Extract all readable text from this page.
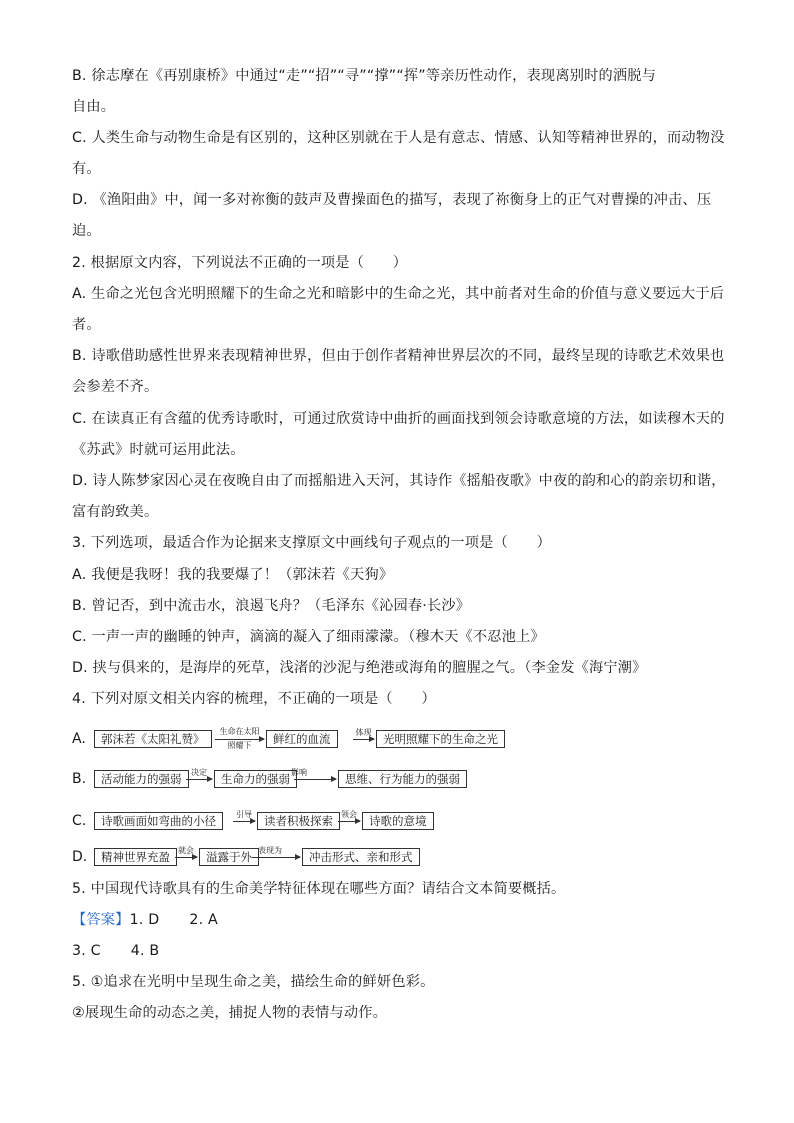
B. 徐志摩在《再别康桥》中通过“走”“招”“寻”“撑”“挥”等亲历性动作，表现离别时的洒脱与
自由。
C. 人类生命与动物生命是有区别的，这种区别就在于人是有意志、情感、认知等精神世界的，而动物没
有。
D. 《渔阳曲》中，闻一多对祢衡的鼓声及曹操面色的描写，表现了祢衡身上的正气对曹操的冲击、压
迫。
2. 根据原文内容，下列说法不正确的一项是（　　）
A. 生命之光包含光明照耀下的生命之光和暗影中的生命之光，其中前者对生命的价值与意义要远大于后
者。
B. 诗歌借助感性世界来表现精神世界，但由于创作者精神世界层次的不同，最终呈现的诗歌艺术效果也
会参差不齐。
C. 在读真正有含蕴的优秀诗歌时，可通过欣赏诗中曲折的画面找到领会诗歌意境的方法，如读穆木天的
《苏武》时就可运用此法。
D. 诗人陈梦家因心灵在夜晚自由了而摇船进入天河，其诗作《摇船夜歌》中夜的韵和心的韵亲切和谐，
富有韵致美。
3. 下列选项，最适合作为论据来支撑原文中画线句子观点的一项是（　　）
A. 我便是我呀！我的我要爆了！（郭沫若《天狗》
B. 曾记否，到中流击水，浪遏飞舟？（毛泽东《沁园春·长沙》
C. 一声一声的幽睡的钟声，滴滴的凝入了细雨濛濛。（穆木天《不忍池上》
D. 挟与俱来的，是海岸的死草，浅渚的沙泥与绝港或海角的膻腥之气。（李金发《海宁潮》
4. 下列对原文相关内容的梳理，不正确的一项是（　　）
A.	郭沫若《太阳礼赞》
生命在太阳
照耀下	鲜红的血流	体现	光明照耀下的生命之光
B.	活动能力的强弱	决定	生命力的强弱 影响	思维、行为能力的强弱
C.	诗歌画面如弯曲的小径	引导	读者积极探索	领会	诗歌的意境
D.	精神世界充盈	就会	溢露于外 表现为	冲击形式、亲和形式
5. 中国现代诗歌具有的生命美学特征体现在哪些方面？请结合文本简要概括。
【答案】1. D 2. A
3. C 4. B
5. ①追求在光明中呈现生命之美，描绘生命的鲜妍色彩。
②展现生命的动态之美，捕捉人物的表情与动作。
